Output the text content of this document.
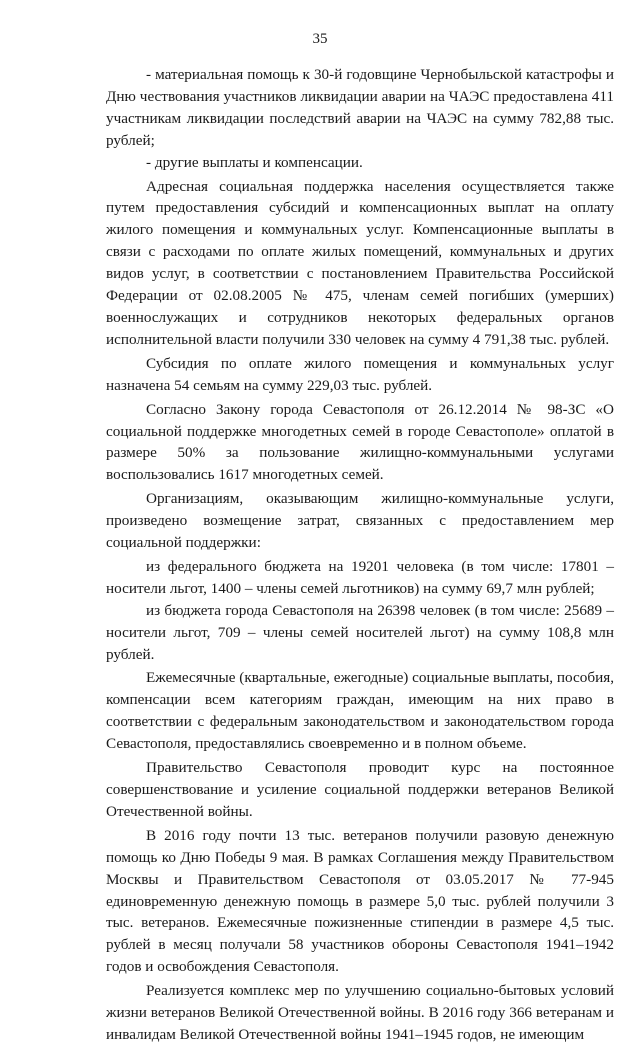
35

- материальная помощь к 30-й годовщине Чернобыльской катастрофы и Дню чествования участников ликвидации аварии на ЧАЭС предоставлена 411 участникам ликвидации последствий аварии на ЧАЭС на сумму 782,88 тыс. рублей;

- другие выплаты и компенсации.

Адресная социальная поддержка населения осуществляется также путем предоставления субсидий и компенсационных выплат на оплату жилого помещения и коммунальных услуг. Компенсационные выплаты в связи с расходами по оплате жилых помещений, коммунальных и других видов услуг, в соответствии с постановлением Правительства Российской Федерации от 02.08.2005 № 475, членам семей погибших (умерших) военнослужащих и сотрудников некоторых федеральных органов исполнительной власти получили 330 человек на сумму 4 791,38 тыс. рублей.

Субсидия по оплате жилого помещения и коммунальных услуг назначена 54 семьям на сумму 229,03 тыс. рублей.

Согласно Закону города Севастополя от 26.12.2014 № 98-ЗС «О социальной поддержке многодетных семей в городе Севастополе» оплатой в размере 50% за пользование жилищно-коммунальными услугами воспользовались 1617 многодетных семей.

Организациям, оказывающим жилищно-коммунальные услуги, произведено возмещение затрат, связанных с предоставлением мер социальной поддержки:

из федерального бюджета на 19201 человека (в том числе: 17801 – носители льгот, 1400 – члены семей льготников) на сумму 69,7 млн рублей;

из бюджета города Севастополя на 26398 человек (в том числе: 25689 – носители льгот, 709 – члены семей носителей льгот) на сумму 108,8 млн рублей.

Ежемесячные (квартальные, ежегодные) социальные выплаты, пособия, компенсации всем категориям граждан, имеющим на них право в соответствии с федеральным законодательством и законодательством города Севастополя, предоставлялись своевременно и в полном объеме.

Правительство Севастополя проводит курс на постоянное совершенствование и усиление социальной поддержки ветеранов Великой Отечественной войны.

В 2016 году почти 13 тыс. ветеранов получили разовую денежную помощь ко Дню Победы 9 мая. В рамках Соглашения между Правительством Москвы и Правительством Севастополя от 03.05.2017 № 77-945 единовременную денежную помощь в размере 5,0 тыс. рублей получили 3 тыс. ветеранов. Ежемесячные пожизненные стипендии в размере 4,5 тыс. рублей в месяц получали 58 участников обороны Севастополя 1941–1942 годов и освобождения Севастополя.

Реализуется комплекс мер по улучшению социально-бытовых условий жизни ветеранов Великой Отечественной войны. В 2016 году 366 ветеранам и инвалидам Великой Отечественной войны 1941–1945 годов, не имеющим
